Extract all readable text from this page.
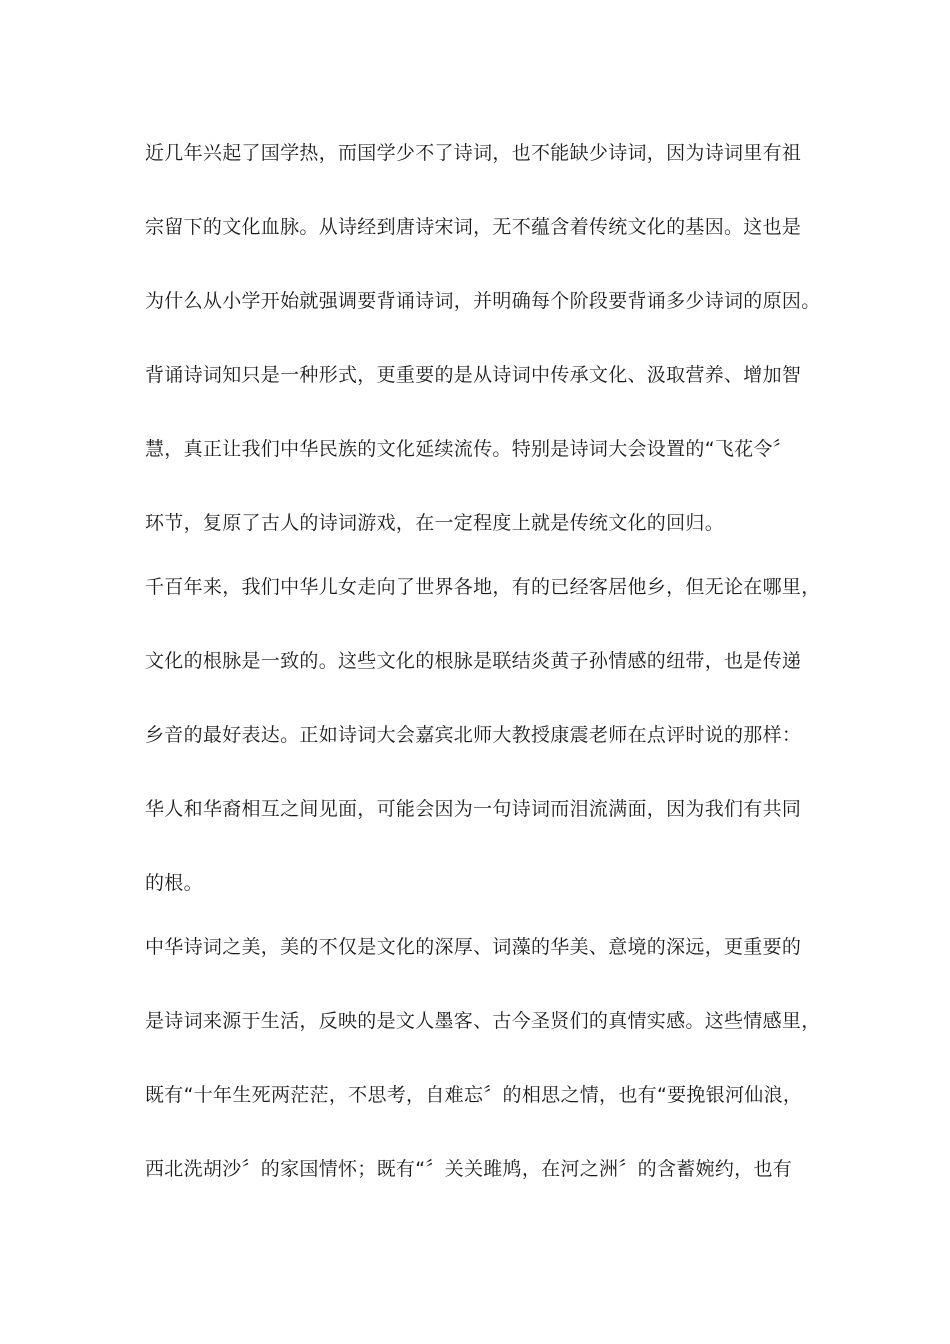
近几年兴起了国学热，而国学少不了诗词，也不能缺少诗词，因为诗词里有祖
宗留下的文化血脉。从诗经到唐诗宋词，无不蕴含着传统文化的基因。这也是
为什么从小学开始就强调要背诵诗词，并明确每个阶段要背诵多少诗词的原因。
背诵诗词知只是一种形式，更重要的是从诗词中传承文化、汲取营养、增加智
慧，真正让我们中华民族的文化延续流传。特别是诗词大会设置的“飞花令〞
环节，复原了古人的诗词游戏，在一定程度上就是传统文化的回归。
千百年来，我们中华儿女走向了世界各地，有的已经客居他乡，但无论在哪里，
文化的根脉是一致的。这些文化的根脉是联结炎黄子孙情感的纽带，也是传递
乡音的最好表达。正如诗词大会嘉宾北师大教授康震老师在点评时说的那样：
华人和华裔相互之间见面，可能会因为一句诗词而泪流满面，因为我们有共同
的根。
中华诗词之美，美的不仅是文化的深厚、词藻的华美、意境的深远，更重要的
是诗词来源于生活，反映的是文人墨客、古今圣贤们的真情实感。这些情感里，
既有“十年生死两茫茫，不思考，自难忘〞的相思之情，也有“要挽银河仙浪，
西北洗胡沙〞的家国情怀；既有“〞关关雎鸠，在河之洲〞的含蓄婉约，也有
